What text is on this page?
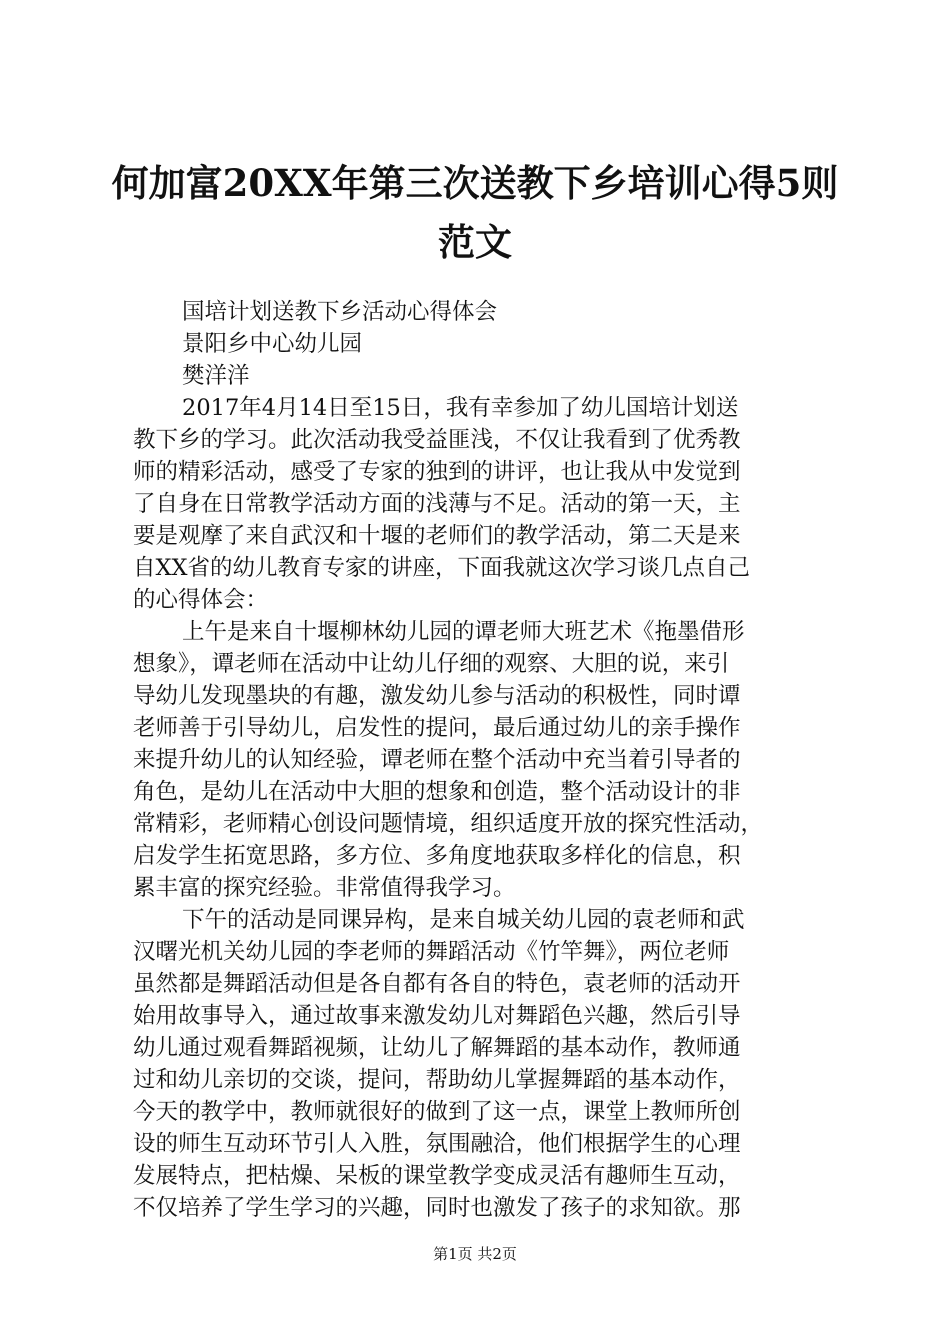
何加富20XX年第三次送教下乡培训心得5则
范文

国培计划送教下乡活动心得体会

景阳乡中心幼儿园

樊洋洋

2017年4月14日至15日，我有幸参加了幼儿国培计划送

教下乡的学习。此次活动我受益匪浅，不仅让我看到了优秀教

师的精彩活动，感受了专家的独到的讲评，也让我从中发觉到

了自身在日常教学活动方面的浅薄与不足。活动的第一天，主

要是观摩了来自武汉和十堰的老师们的教学活动，第二天是来

自XX省的幼儿教育专家的讲座，下面我就这次学习谈几点自己

的心得体会：

上午是来自十堰柳林幼儿园的谭老师大班艺术《拖墨借形

想象》，谭老师在活动中让幼儿仔细的观察、大胆的说，来引

导幼儿发现墨块的有趣，激发幼儿参与活动的积极性，同时谭

老师善于引导幼儿，启发性的提问，最后通过幼儿的亲手操作

来提升幼儿的认知经验，谭老师在整个活动中充当着引导者的

角色，是幼儿在活动中大胆的想象和创造，整个活动设计的非

常精彩，老师精心创设问题情境，组织适度开放的探究性活动，

启发学生拓宽思路，多方位、多角度地获取多样化的信息，积

累丰富的探究经验。非常值得我学习。

下午的活动是同课异构，是来自城关幼儿园的袁老师和武

汉曙光机关幼儿园的李老师的舞蹈活动《竹竿舞》，两位老师

虽然都是舞蹈活动但是各自都有各自的特色，袁老师的活动开

始用故事导入，通过故事来激发幼儿对舞蹈色兴趣，然后引导

幼儿通过观看舞蹈视频，让幼儿了解舞蹈的基本动作，教师通

过和幼儿亲切的交谈，提问，帮助幼儿掌握舞蹈的基本动作，

今天的教学中，教师就很好的做到了这一点，课堂上教师所创

设的师生互动环节引人入胜，氛围融洽，他们根据学生的心理

发展特点，把枯燥、呆板的课堂教学变成灵活有趣师生互动，

不仅培养了学生学习的兴趣，同时也激发了孩子的求知欲。那

第1页 共2页
